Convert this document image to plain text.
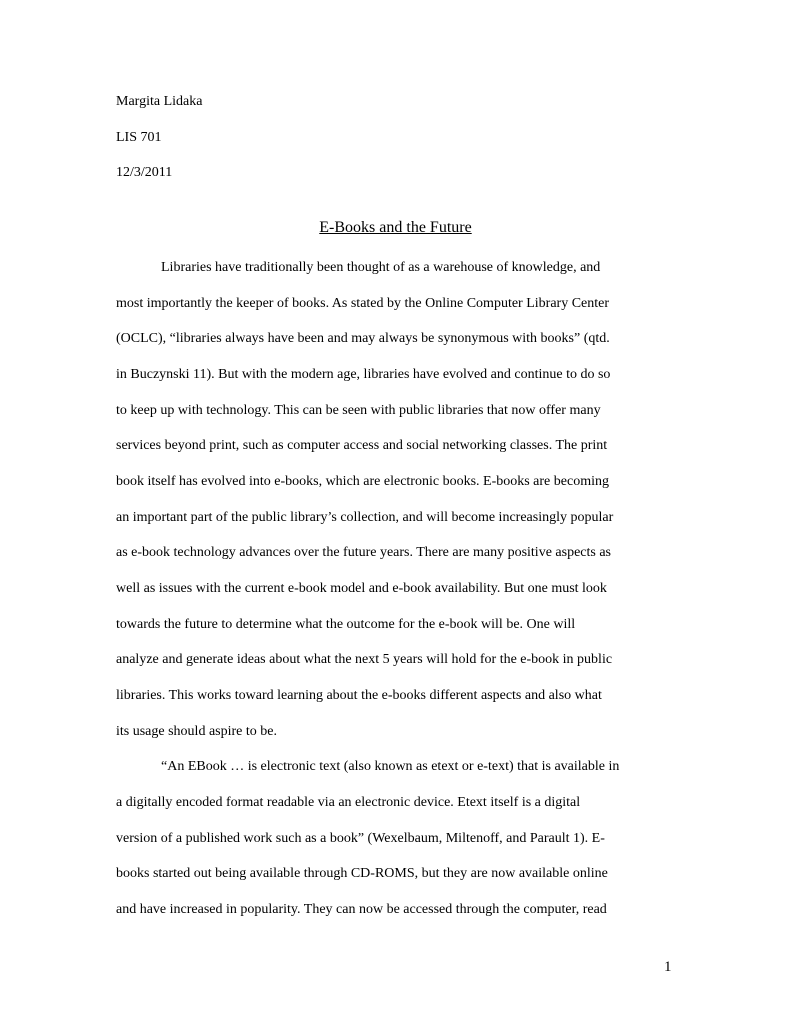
Margita Lidaka
LIS 701
12/3/2011
E-Books and the Future
Libraries have traditionally been thought of as a warehouse of knowledge, and
most importantly the keeper of books. As stated by the Online Computer Library Center
(OCLC), “libraries always have been and may always be synonymous with books” (qtd.
in Buczynski 11). But with the modern age, libraries have evolved and continue to do so
to keep up with technology. This can be seen with public libraries that now offer many
services beyond print, such as computer access and social networking classes. The print
book itself has evolved into e-books, which are electronic books. E-books are becoming
an important part of the public library’s collection, and will become increasingly popular
as e-book technology advances over the future years. There are many positive aspects as
well as issues with the current e-book model and e-book availability. But one must look
towards the future to determine what the outcome for the e-book will be. One will
analyze and generate ideas about what the next 5 years will hold for the e-book in public
libraries. This works toward learning about the e-books different aspects and also what
its usage should aspire to be.
“An EBook … is electronic text (also known as etext or e-text) that is available in
a digitally encoded format readable via an electronic device. Etext itself is a digital
version of a published work such as a book” (Wexelbaum, Miltenoff, and Parault 1). E-
books started out being available through CD-ROMS, but they are now available online
and have increased in popularity. They can now be accessed through the computer, read
1
